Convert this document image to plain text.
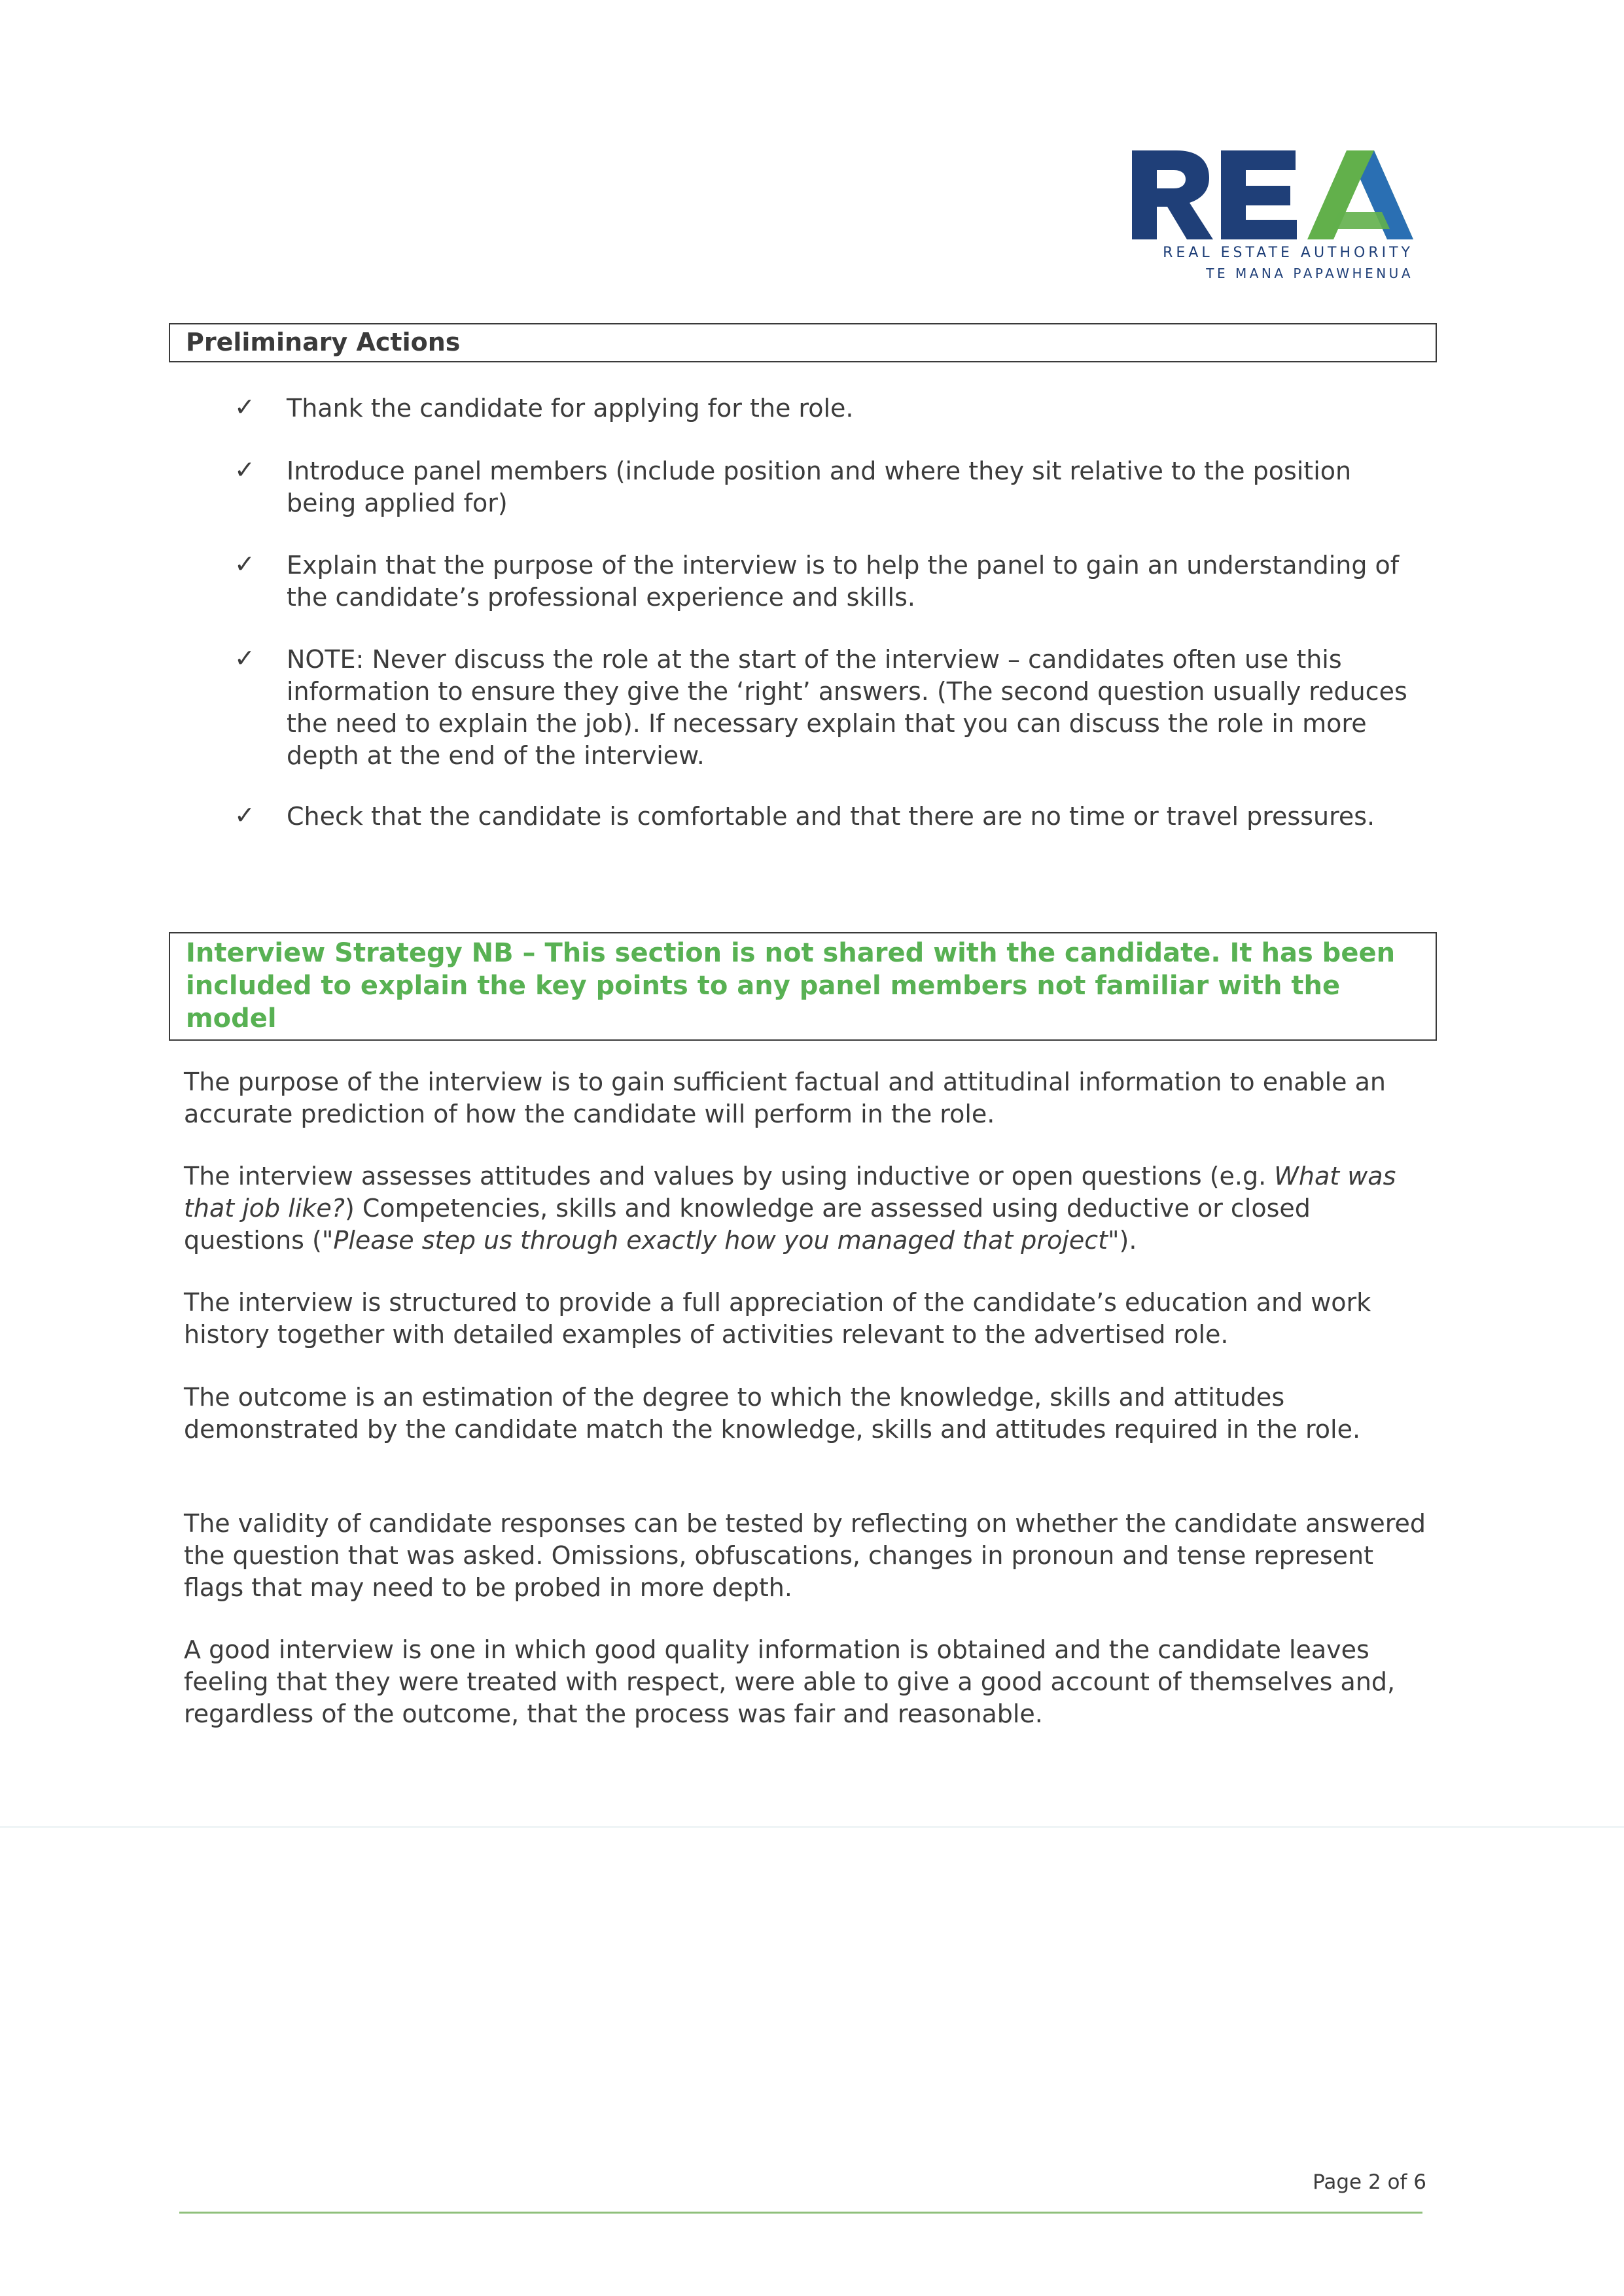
REAL ESTATE AUTHORITY
TE MANA PAPAWHENUA
Preliminary Actions
✓ Thank the candidate for applying for the role.
✓ Introduce panel members (include position and where they sit relative to the position being applied for)
✓ Explain that the purpose of the interview is to help the panel to gain an understanding of the candidate’s professional experience and skills.
✓ NOTE: Never discuss the role at the start of the interview – candidates often use this information to ensure they give the ‘right’ answers. (The second question usually reduces the need to explain the job). If necessary explain that you can discuss the role in more depth at the end of the interview.
✓ Check that the candidate is comfortable and that there are no time or travel pressures.
Interview Strategy NB – This section is not shared with the candidate. It has been included to explain the key points to any panel members not familiar with the model
The purpose of the interview is to gain sufficient factual and attitudinal information to enable an accurate prediction of how the candidate will perform in the role.
The interview assesses attitudes and values by using inductive or open questions (e.g. What was that job like?) Competencies, skills and knowledge are assessed using deductive or closed questions ("Please step us through exactly how you managed that project").
The interview is structured to provide a full appreciation of the candidate’s education and work history together with detailed examples of activities relevant to the advertised role.
The outcome is an estimation of the degree to which the knowledge, skills and attitudes demonstrated by the candidate match the knowledge, skills and attitudes required in the role.
The validity of candidate responses can be tested by reflecting on whether the candidate answered the question that was asked. Omissions, obfuscations, changes in pronoun and tense represent flags that may need to be probed in more depth.
A good interview is one in which good quality information is obtained and the candidate leaves feeling that they were treated with respect, were able to give a good account of themselves and, regardless of the outcome, that the process was fair and reasonable.
Page 2 of 6
